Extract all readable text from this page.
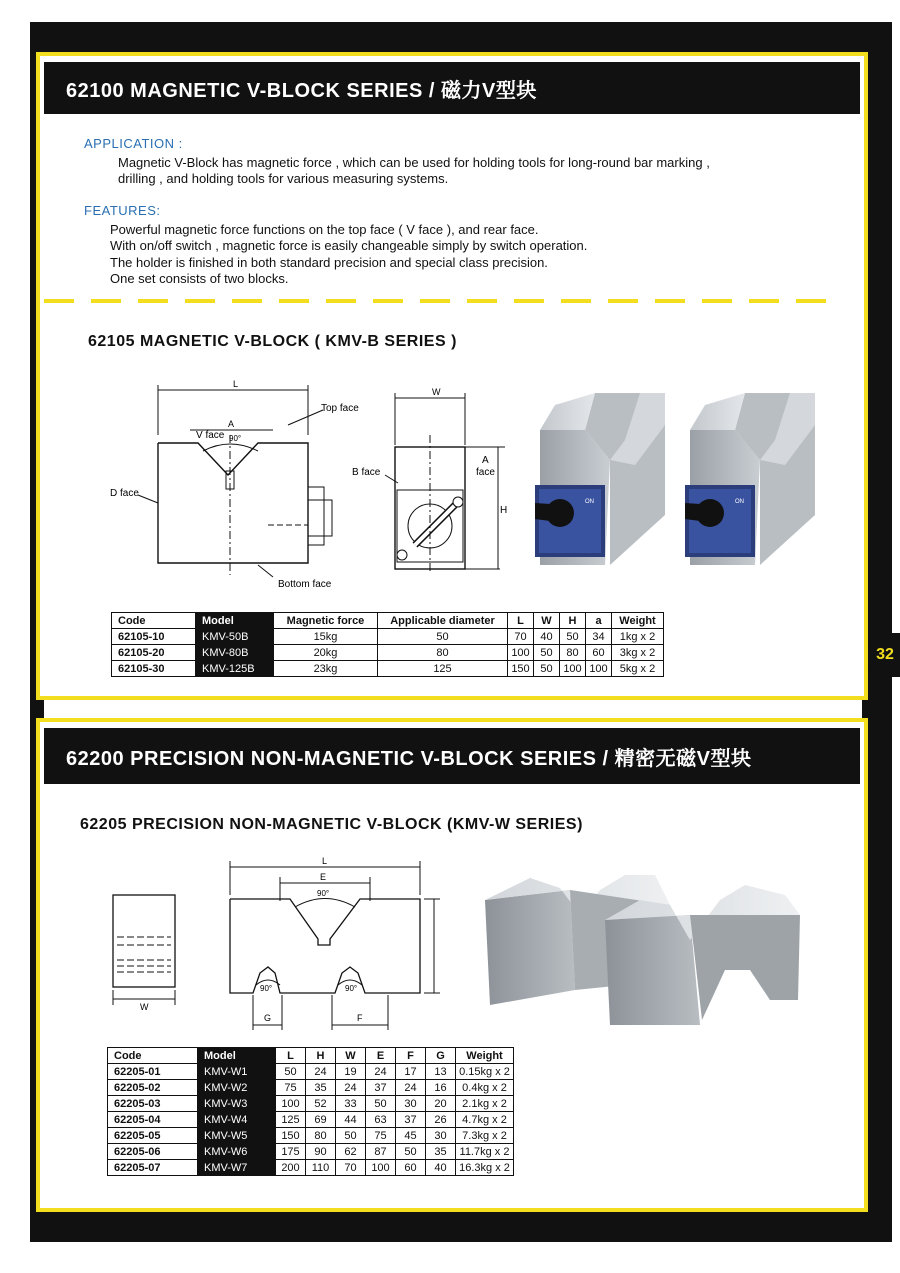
62100 MAGNETIC V-BLOCK SERIES / 磁力V型块
APPLICATION :
Magnetic V-Block has magnetic force , which can be used for holding tools for long-round bar marking ,
drilling , and holding tools for various measuring systems.
FEATURES:
Powerful magnetic force functions on the top face ( V face ), and rear face.
With on/off switch , magnetic force is easily changeable simply by switch operation.
The holder is finished in both standard precision and special class precision.
One set consists of two blocks.
62105 MAGNETIC V-BLOCK ( KMV-B SERIES )
L
A
V face 90°
Top face
D face
Bottom face
W
B face
A
face
H
ON	ON
Code	Model	Magnetic force	Applicable diameter	L	W	H	a	Weight
62105-10	KMV-50B	15kg	50	70	40	50	34	1kg x 2
62105-20	KMV-80B	20kg	80	100	50	80	60	3kg x 2
62105-30	KMV-125B	23kg	125	150	50	100	100	5kg x 2
32
62200 PRECISION NON-MAGNETIC V-BLOCK SERIES / 精密无磁V型块
62205 PRECISION NON-MAGNETIC V-BLOCK (KMV-W SERIES)
W
L
E
90°
90°	90°
G	F
Code	Model	L	H	W	E	F	G	Weight
62205-01	KMV-W1	50	24	19	24	17	13	0.15kg x 2
62205-02	KMV-W2	75	35	24	37	24	16	0.4kg x 2
62205-03	KMV-W3	100	52	33	50	30	20	2.1kg x 2
62205-04	KMV-W4	125	69	44	63	37	26	4.7kg x 2
62205-05	KMV-W5	150	80	50	75	45	30	7.3kg x 2
62205-06	KMV-W6	175	90	62	87	50	35	11.7kg x 2
62205-07	KMV-W7	200	110	70	100	60	40	16.3kg x 2
